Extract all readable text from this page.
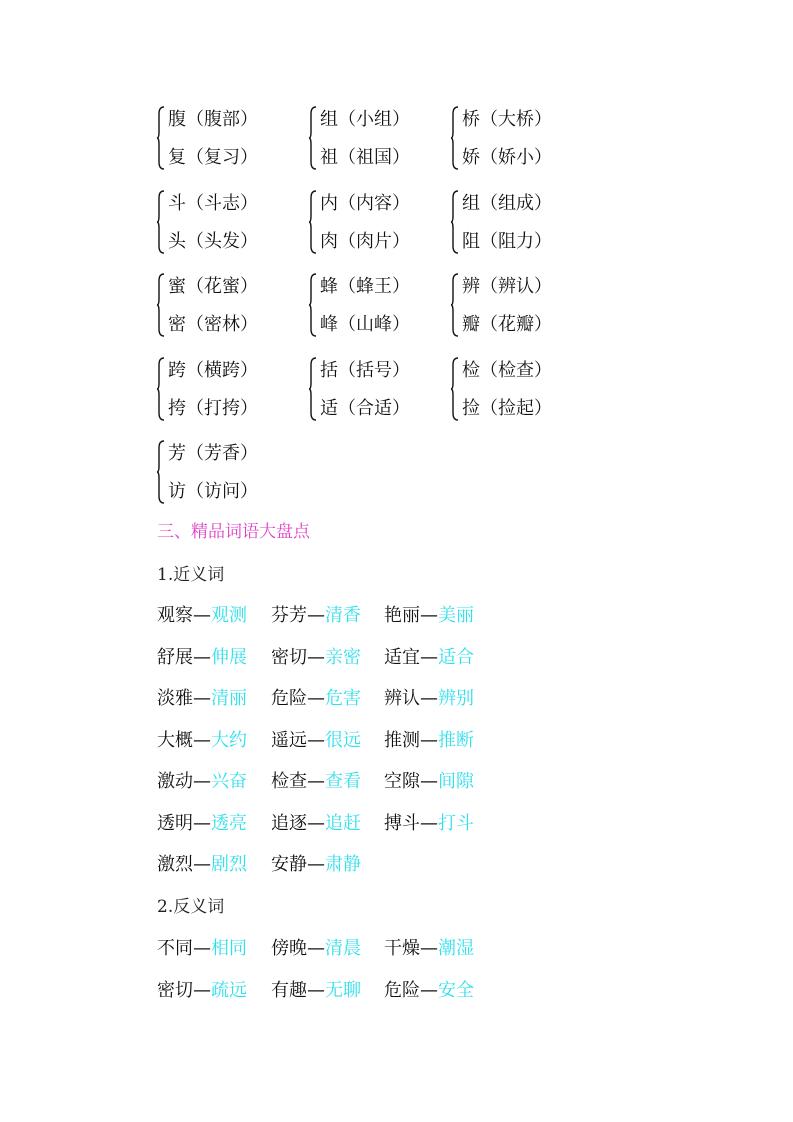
腹（腹部）
复（复习）
组（小组）
祖（祖国）
桥（大桥）
娇（娇小）
斗（斗志）
头（头发）
内（内容）
肉（肉片）
组（组成）
阻（阻力）
蜜（花蜜）
密（密林）
蜂（蜂王）
峰（山峰）
辨（辨认）
瓣（花瓣）
跨（横跨）
挎（打挎）
括（括号）
适（合适）
检（检查）
捡（捡起）
芳（芳香）
访（访问）
三、精品词语大盘点
1.近义词
观察—观测 芬芳—清香 艳丽—美丽
舒展—伸展 密切—亲密 适宜—适合
淡雅—清丽 危险—危害 辨认—辨别
大概—大约 遥远—很远 推测—推断
激动—兴奋 检查—查看 空隙—间隙
透明—透亮 追逐—追赶 搏斗—打斗
激烈—剧烈 安静—肃静
2.反义词
不同—相同 傍晚—清晨 干燥—潮湿
密切—疏远 有趣—无聊 危险—安全
